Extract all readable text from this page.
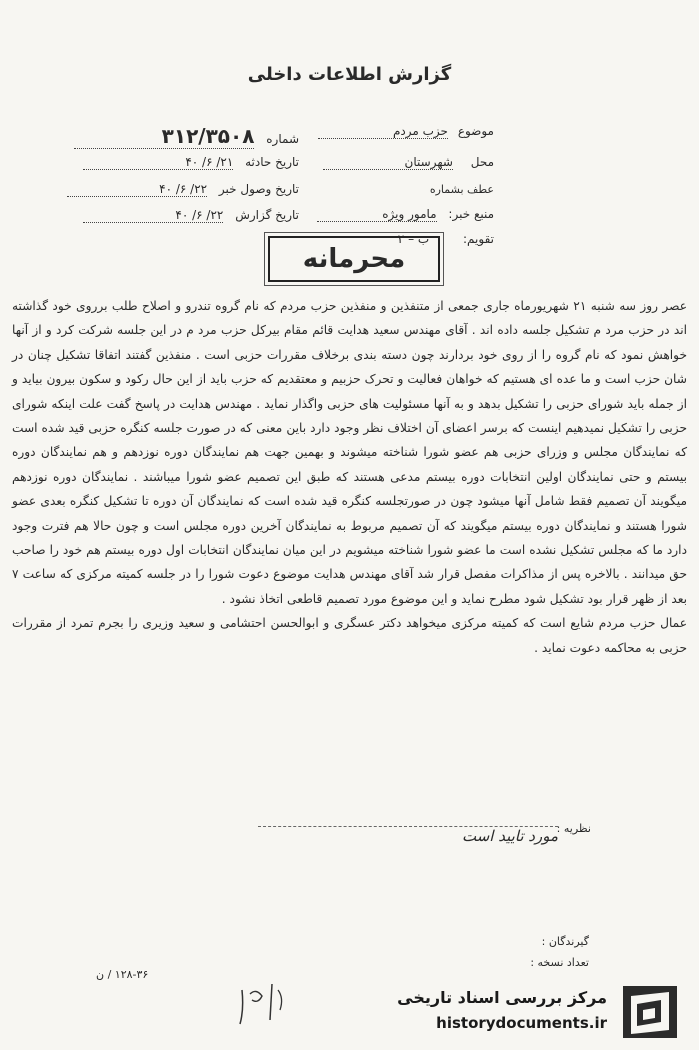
گزارش اطلاعات داخلی
موضوع حزب مردم
محل شهرستان
عطف بشماره
منبع خبر: مامور ویژه
تقویم: ب – ۲
شماره ۳۱۲/۳۵۰۸
تاریخ حادثه ۲۱/ ۶/ ۴۰
تاریخ وصول خبر ۲۲/ ۶/ ۴۰
تاریخ گزارش ۲۲/ ۶/ ۴۰
محرمانه

عصر روز سه شنبه ۲۱ شهریورماه جاری جمعی از متنفذین و منفذین حزب مردم که نام گروه تندرو و اصلاح طلب برروی خود گذاشته اند در حزب مرد م تشکیل جلسه داده اند . آقای مهندس سعید هدایت قائم مقام بیرکل حزب مرد م در این جلسه شرکت کرد و از آنها خواهش نمود که نام گروه را از روی خود بردارند چون دسته بندی برخلاف مقررات حزبی است . منفذین گفتند اتفاقا تشکیل چنان در شان حزب است و ما عده ای هستیم که خواهان فعالیت و تحرک حزبیم و معتقدیم که حزب باید از این حال رکود و سکون بیرون بیاید و از جمله باید شورای حزبی را تشکیل بدهد و به آنها مسئولیت های حزبی واگذار نماید . مهندس هدایت در پاسخ گفت علت اینکه شورای حزبی را تشکیل نمیدهیم اینست که برسر اعضای آن اختلاف نظر وجود دارد باین معنی که در صورت جلسه کنگره حزبی قید شده است که نمایندگان مجلس و وزرای حزبی هم عضو شورا شناخته میشوند و بهمین جهت هم نمایندگان دوره نوزدهم و هم نمایندگان دوره بیستم و حتی نمایندگان اولین انتخابات دوره بیستم مدعی هستند که طبق این تصمیم عضو شورا میباشند . نمایندگان دوره نوزدهم میگویند آن تصمیم فقط شامل آنها میشود چون در صورتجلسه کنگره قید شده است که نمایندگان آن دوره تا تشکیل کنگره بعدی عضو شورا هستند و نمایندگان دوره بیستم میگویند که آن تصمیم مربوط به نمایندگان آخرین دوره مجلس است و چون حالا هم فترت وجود دارد ما که مجلس تشکیل نشده است ما عضو شورا شناخته میشویم در این میان نمایندگان انتخابات اول دوره بیستم هم خود را صاحب حق میدانند . بالاخره پس از مذاکرات مفصل قرار شد آقای مهندس هدایت موضوع دعوت شورا را در جلسه کمیته مرکزی که ساعت ۷ بعد از ظهر قرار بود تشکیل شود مطرح نماید و این موضوع مورد تصمیم قاطعی اتخاذ نشود .

عمال حزب مردم شایع است که کمیته مرکزی میخواهد دکتر عسگری و ابوالحسن احتشامی و سعید وزیری را بجرم تمرد از مقررات حزبی به محاکمه دعوت نماید .

نظریه :
مورد تایید است
گیرندگان :
تعداد نسخه :
۱۲۸-۳۶ / ن
مرکز بررسی اسناد تاریخی
historydocuments.ir
